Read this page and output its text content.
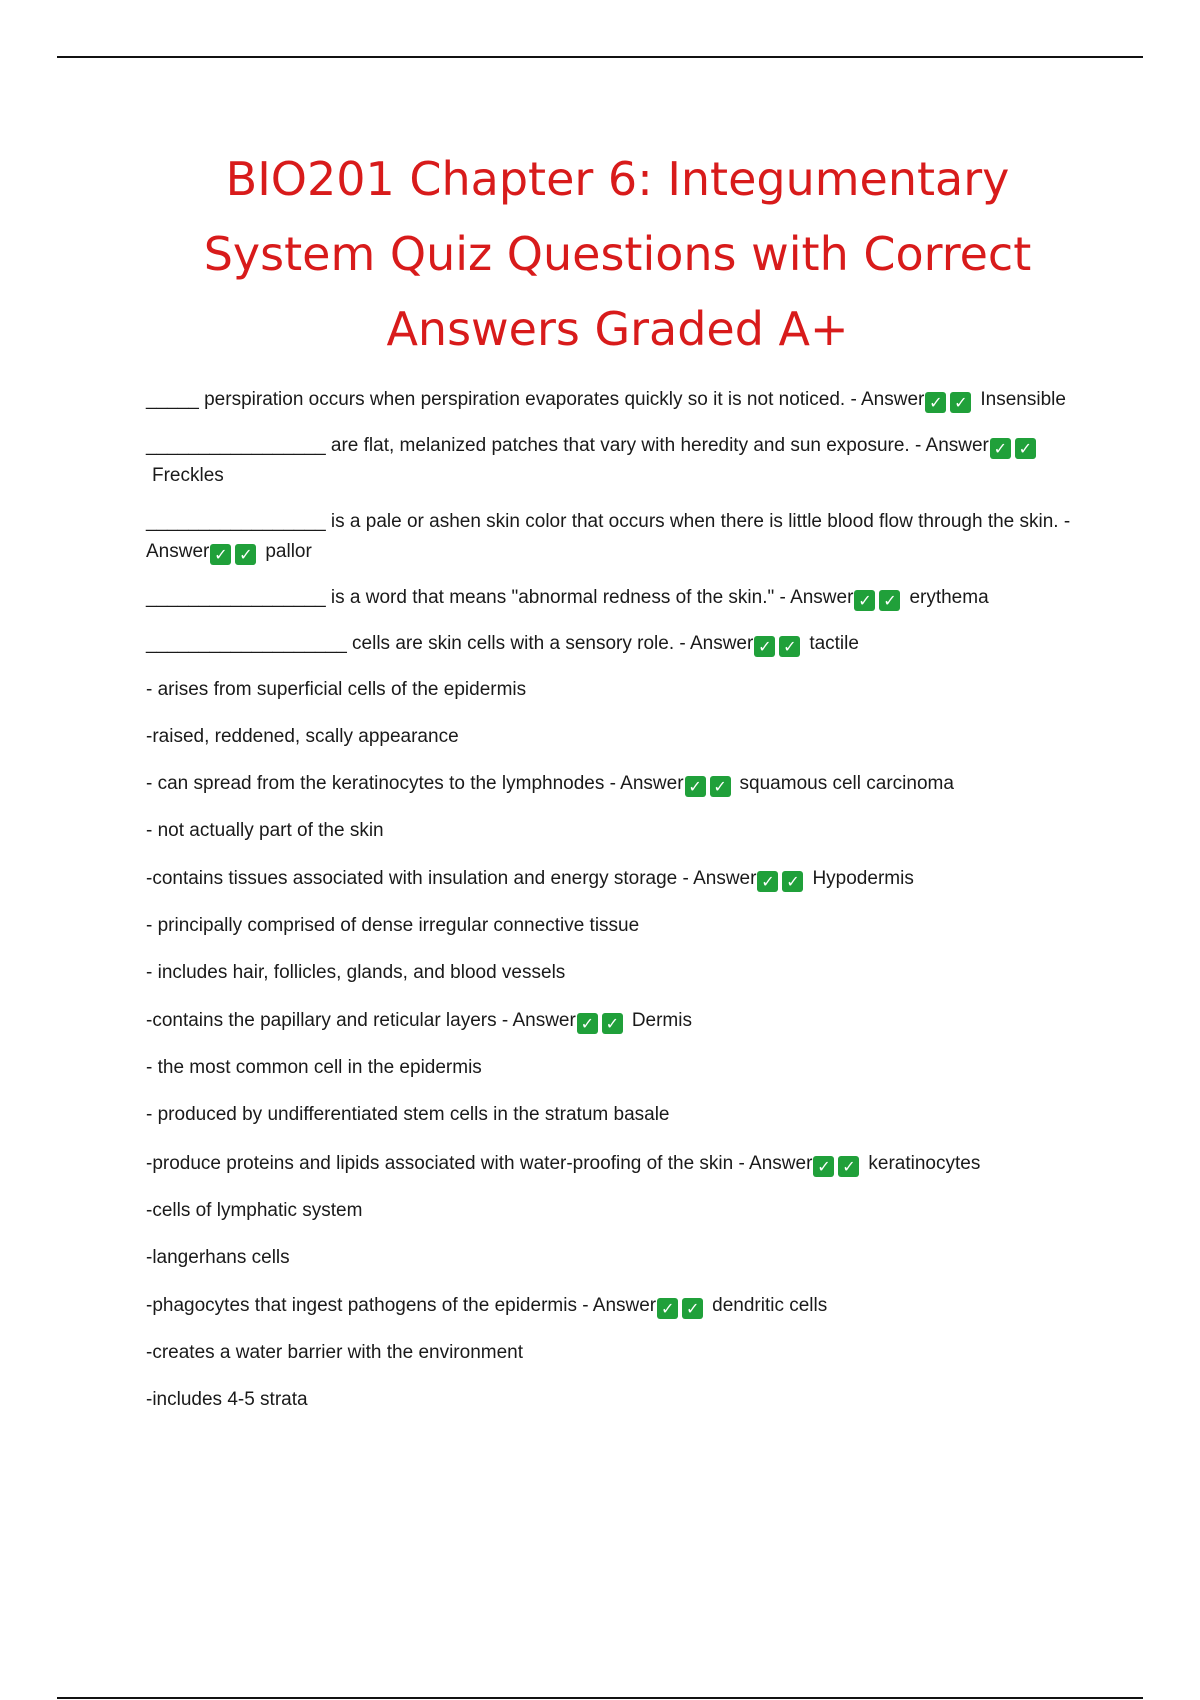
BIO201 Chapter 6: Integumentary System Quiz Questions with Correct Answers Graded A+
_____ perspiration occurs when perspiration evaporates quickly so it is not noticed. - Answer ✓ ✓ Insensible
_________________ are flat, melanized patches that vary with heredity and sun exposure. - Answer ✓ ✓Freckles
_________________ is a pale or ashen skin color that occurs when there is little blood flow through the skin. - Answer ✓ ✓ pallor
_________________ is a word that means "abnormal redness of the skin." - Answer ✓ ✓ erythema
___________________ cells are skin cells with a sensory role. - Answer ✓ ✓ tactile
- arises from superficial cells of the epidermis
-raised, reddened, scally appearance
- can spread from the keratinocytes to the lymphnodes - Answer ✓ ✓ squamous cell carcinoma
- not actually part of the skin
-contains tissues associated with insulation and energy storage - Answer ✓ ✓ Hypodermis
- principally comprised of dense irregular connective tissue
- includes hair, follicles, glands, and blood vessels
-contains the papillary and reticular layers - Answer ✓ ✓ Dermis
- the most common cell in the epidermis
- produced by undifferentiated stem cells in the stratum basale
-produce proteins and lipids associated with water-proofing of the skin - Answer ✓ ✓ keratinocytes
-cells of lymphatic system
-langerhans cells
-phagocytes that ingest pathogens of the epidermis - Answer ✓ ✓ dendritic cells
-creates a water barrier with the environment
-includes 4-5 strata
